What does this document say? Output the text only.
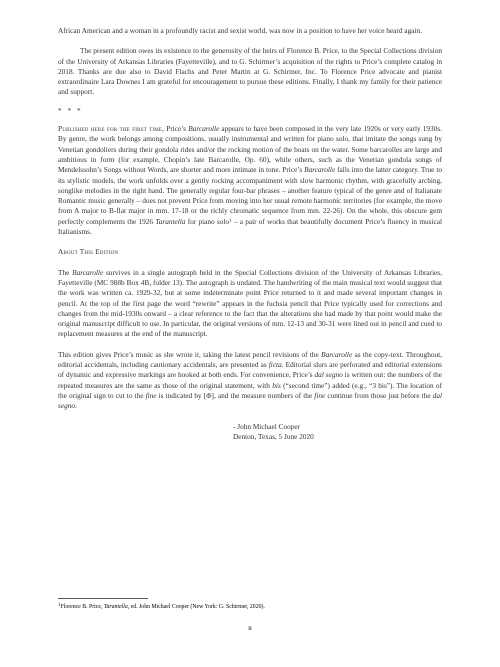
African American and a woman in a profoundly racist and sexist world, was now in a position to have her voice heard again.

The present edition owes its existence to the generosity of the heirs of Florence B. Price, to the Special Collections division of the University of Arkansas Libraries (Fayetteville), and to G. Schirmer’s acquisition of the rights to Price’s complete catalog in 2018. Thanks are due also to David Flachs and Peter Martin at G. Schirmer, Inc. To Florence Price advocate and pianist extraordinaire Lara Downes I am grateful for encouragement to pursue these editions. Finally, I thank my family for their patience and support.

* * *

Published here for the first time, Price’s Barcarolle appears to have been composed in the very late 1920s or very early 1930s. By genre, the work belongs among compositions, usually instrumental and written for piano solo, that imitate the songs sung by Venetian gondoliers during their gondola rides and/or the rocking motion of the boats on the water. Some barcarolles are large and ambitious in form (for example, Chopin’s late Barcarolle, Op. 60), while others, such as the Venetian gondola songs of Mendelssohn’s Songs without Words, are shorter and more intimate in tone. Price’s Barcarolle falls into the latter category. True to its stylistic models, the work unfolds over a gently rocking accompaniment with slow harmonic rhythm, with gracefully arching, songlike melodies in the right hand. The generally regular four-bar phrases – another feature typical of the genre and of Italianate Romantic music generally – does not prevent Price from moving into her usual remote harmonic territories (for example, the move from A major to B-flat major in mm. 17-18 or the richly chromatic sequence from mm. 22-26). On the whole, this obscure gem perfectly complements the 1926 Tarantella for piano solo$^1$ – a pair of works that beautifully document Price’s fluency in musical Italianisms.

About This Edition

The Barcarolle survives in a single autograph held in the Special Collections division of the University of Arkansas Libraries, Fayetteville (MC 988b Box 4B, folder 13). The autograph is undated. The handwriting of the main musical text would suggest that the work was written ca. 1929-32, but at some indeterminate point Price returned to it and made several important changes in pencil. At the top of the first page the word “rewrite” appears in the fuchsia pencil that Price typically used for corrections and changes from the mid-1930s onward – a clear reference to the fact that the alterations she had made by that point would make the original manuscript difficult to use. In particular, the original versions of mm. 12-13 and 30-31 were lined out in pencil and cued to replacement measures at the end of the manuscript.

This edition gives Price’s music as she wrote it, taking the latest pencil revisions of the Barcarolle as the copy-text. Throughout, editorial accidentals, including cautionary accidentals, are presented as ficta. Editorial slurs are perforated and editorial extensions of dynamic and expressive markings are hooked at both ends. For convenience, Price’s dal segno is written out: the numbers of the repeated measures are the same as those of the original statement, with bis (“second time”) added (e.g., “3 bis”). The location of the original sign to cut to the fine is indicated by [Φ], and the measure numbers of the fine continue from those just before the dal segno.

- John Michael Cooper

Denton, Texas, 5 June 2020

$^1$Florence B. Price, Tarantella, ed. John Michael Cooper (New York: G. Schirmer, 2020).

ii
